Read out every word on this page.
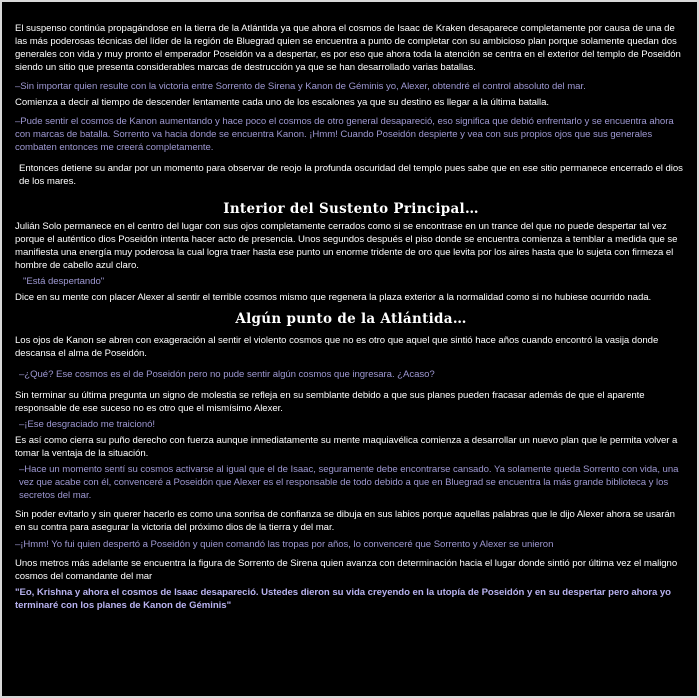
El suspenso continúa propagándose en la tierra de la Atlántida ya que ahora el cosmos de Isaac de Kraken desaparece completamente por causa de una de las más poderosas técnicas del líder de la región de Bluegrad quien se encuentra a punto de completar con su ambicioso plan porque solamente quedan dos generales con vida y muy pronto el emperador Poseidón va a despertar, es por eso que ahora toda la atención se centra en el exterior del templo de Poseidón siendo un sitio que presenta considerables marcas de destrucción ya que se han desarrollado varias batallas.

–Sin importar quien resulte con la victoria entre Sorrento de Sirena y Kanon de Géminis yo, Alexer, obtendré el control absoluto del mar.

Comienza a decir al tiempo de descender lentamente cada uno de los escalones ya que su destino es llegar a la última batalla.

–Pude sentir el cosmos de Kanon aumentando y hace poco el cosmos de otro general desapareció, eso significa que debió enfrentarlo y se encuentra ahora con marcas de batalla. Sorrento va hacia donde se encuentra Kanon. ¡Hmm! Cuando Poseidón despierte y vea con sus propios ojos que sus generales combaten entonces me creerá completamente.

Entonces detiene su andar por un momento para observar de reojo la profunda oscuridad del templo pues sabe que en ese sitio permanece encerrado el dios de los mares.

Interior del Sustento Principal…

Julián Solo permanece en el centro del lugar con sus ojos completamente cerrados como si se encontrase en un trance del que no puede despertar tal vez porque el auténtico dios Poseidón intenta hacer acto de presencia. Unos segundos después el piso donde se encuentra comienza a temblar a medida que se manifiesta una energía muy poderosa la cual logra traer hasta ese punto un enorme tridente de oro que levita por los aires hasta que lo sujeta con firmeza el hombre de cabello azul claro.

"Está despertando"

Dice en su mente con placer Alexer al sentir el terrible cosmos mismo que regenera la plaza exterior a la normalidad como si no hubiese ocurrido nada.

Algún punto de la Atlántida…

Los ojos de Kanon se abren con exageración al sentir el violento cosmos que no es otro que aquel que sintió hace años cuando encontró la vasija donde descansa el alma de Poseidón.

–¿Qué? Ese cosmos es el de Poseidón pero no pude sentir algún cosmos que ingresara. ¿Acaso?

Sin terminar su última pregunta un signo de molestia se refleja en su semblante debido a que sus planes pueden fracasar además de que el aparente responsable de ese suceso no es otro que el mismísimo Alexer.

–¡Ese desgraciado me traicionó!

Es así como cierra su puño derecho con fuerza aunque inmediatamente su mente maquiavélica comienza a desarrollar un nuevo plan que le permita volver a tomar la ventaja de la situación.

–Hace un momento sentí su cosmos activarse al igual que el de Isaac, seguramente debe encontrarse cansado. Ya solamente queda Sorrento con vida, una vez que acabe con él, convenceré a Poseidón que Alexer es el responsable de todo debido a que en Bluegrad se encuentra la más grande biblioteca y los secretos del mar.

Sin poder evitarlo y sin querer hacerlo es como una sonrisa de confianza se dibuja en sus labios porque aquellas palabras que le dijo Alexer ahora se usarán en su contra para asegurar la victoria del próximo dios de la tierra y del mar.

–¡Hmm! Yo fui quien despertó a Poseidón y quien comandó las tropas por años, lo convenceré que Sorrento y Alexer se unieron

Unos metros más adelante se encuentra la figura de Sorrento de Sirena quien avanza con determinación hacia el lugar donde sintió por última vez el maligno cosmos del comandante del mar

"Eo, Krishna y ahora el cosmos de Isaac desapareció. Ustedes dieron su vida creyendo en la utopía de Poseidón y en su despertar pero ahora yo terminaré con los planes de Kanon de Géminis"
